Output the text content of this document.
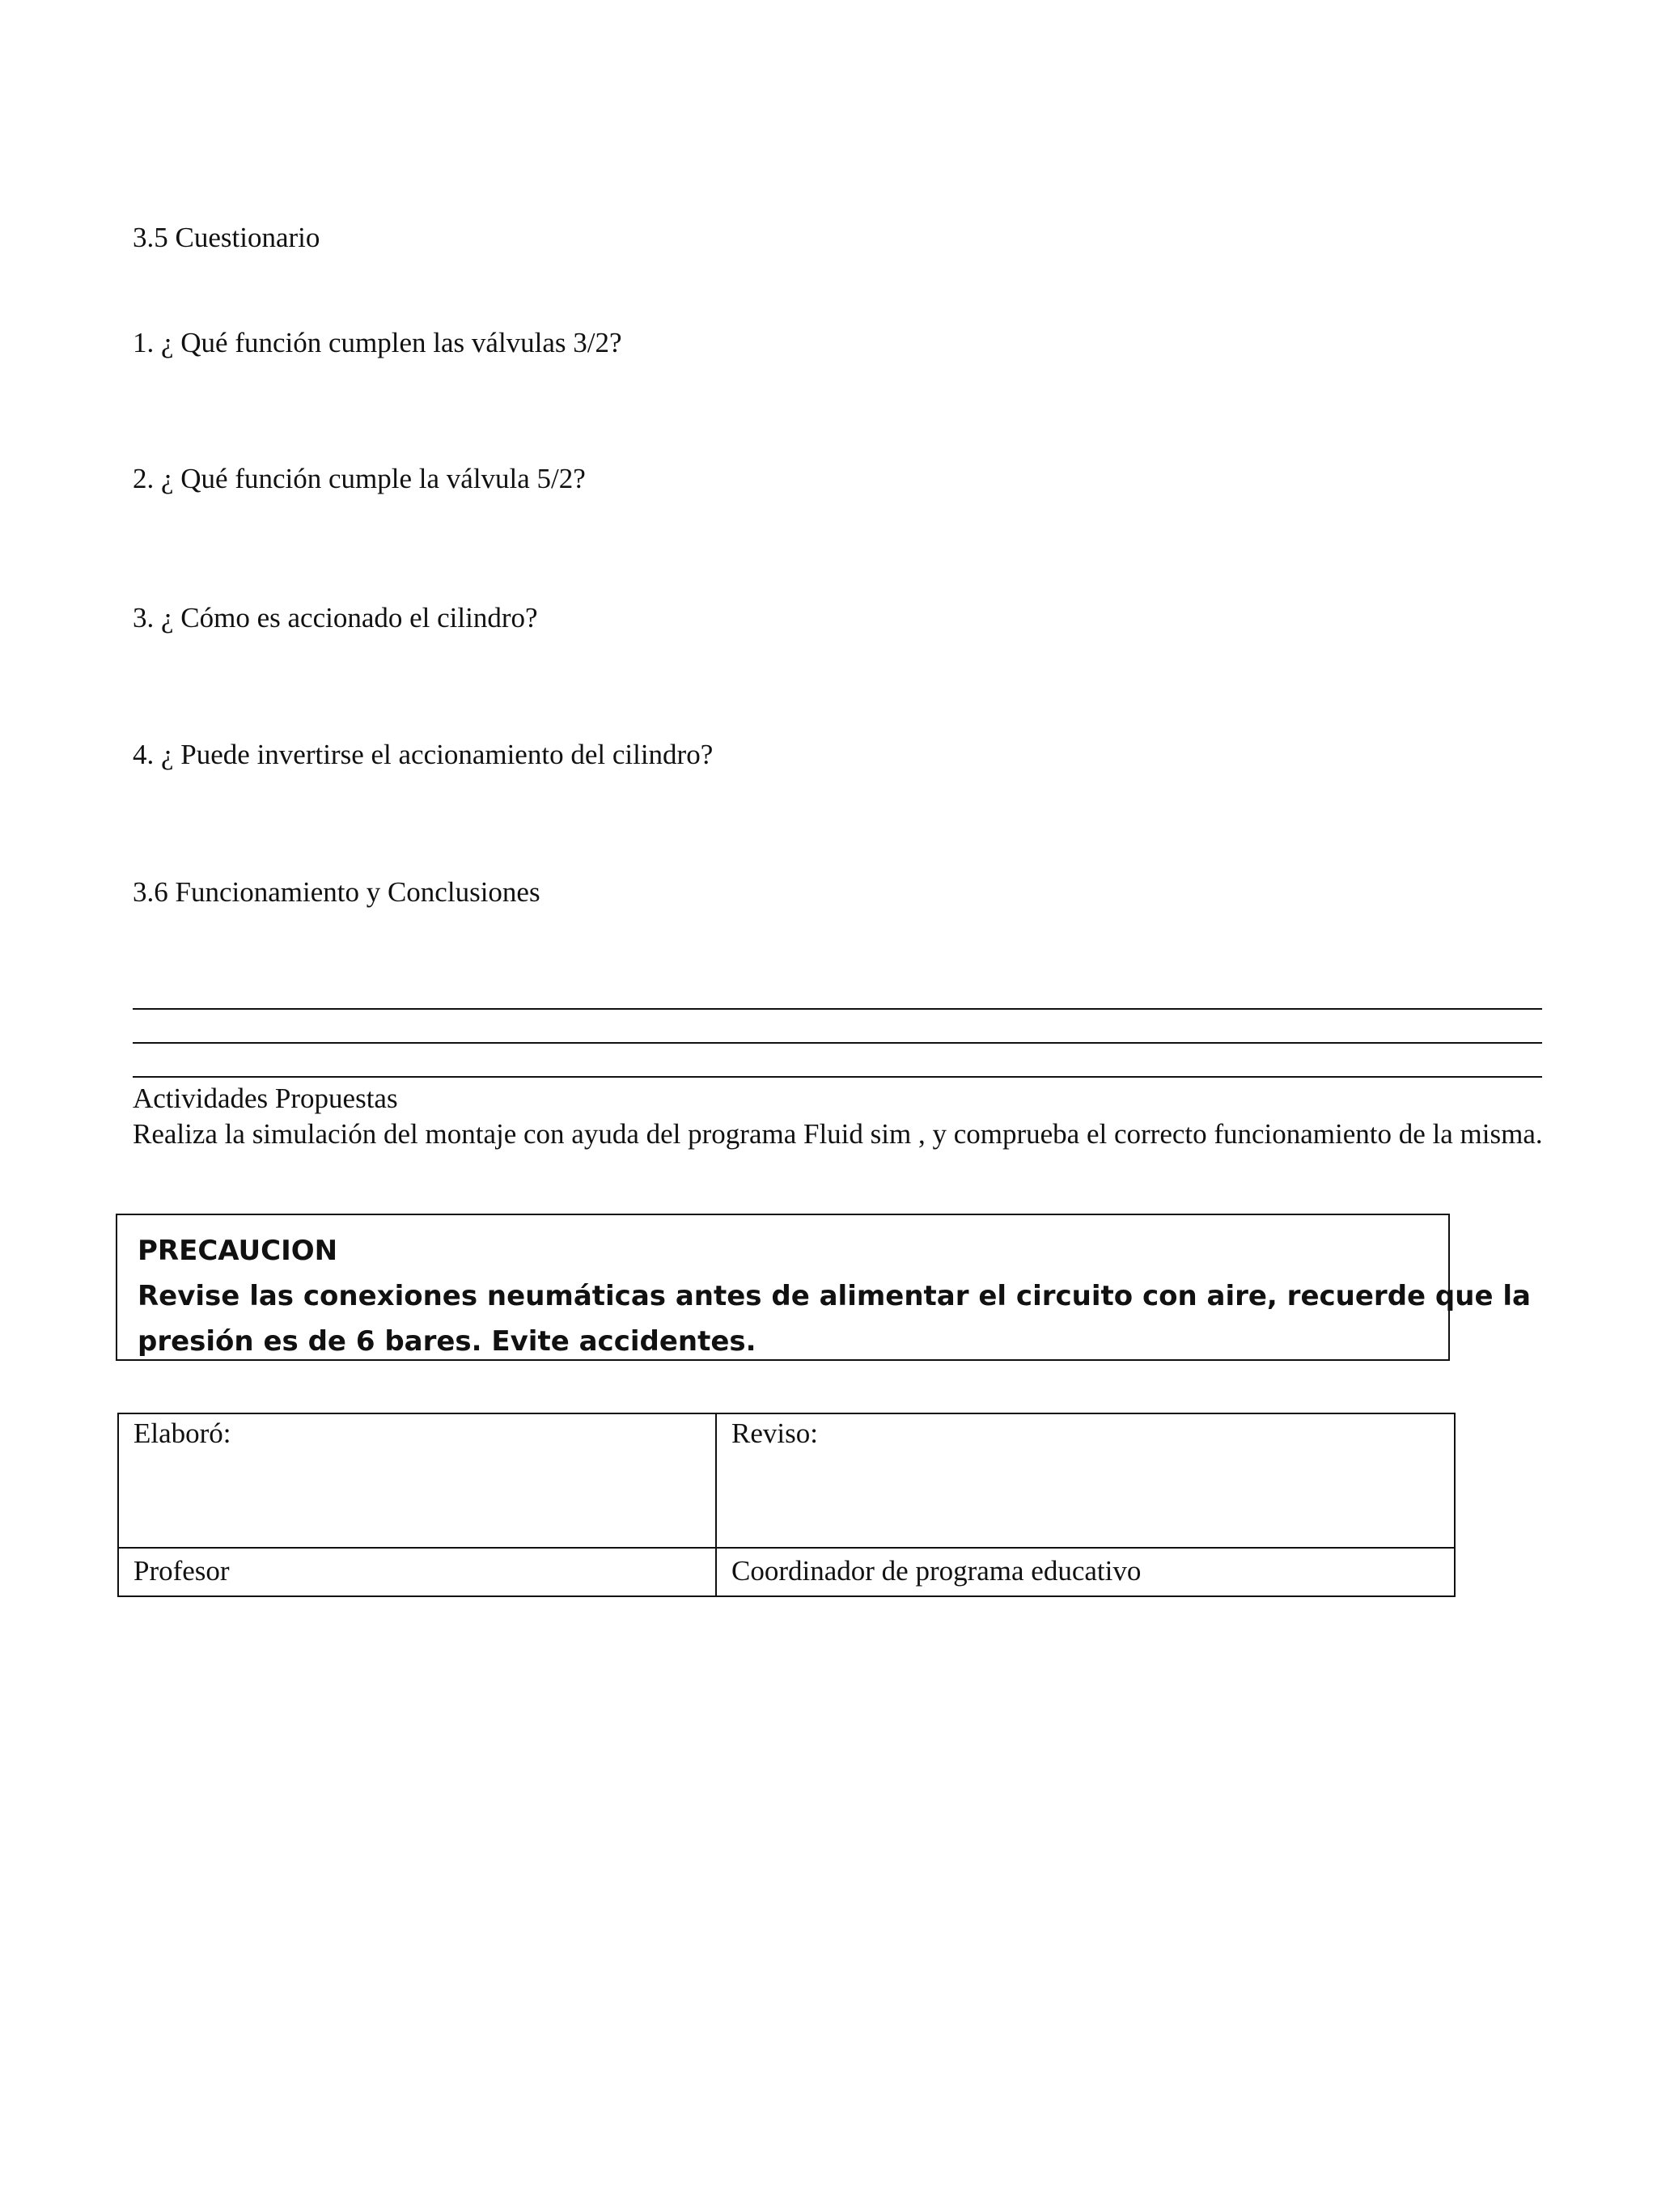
3.5 Cuestionario
1. ¿ Qué función cumplen las válvulas 3/2?
2. ¿ Qué función cumple la válvula 5/2?
3. ¿ Cómo es accionado el cilindro?
4. ¿ Puede invertirse el accionamiento del cilindro?
3.6 Funcionamiento y Conclusiones
Actividades Propuestas
Realiza la simulación del montaje con ayuda del programa Fluid sim , y comprueba el correcto funcionamiento de la misma.
PRECAUCION
Revise las conexiones neumáticas antes de alimentar el circuito con aire, recuerde que la
presión es de 6 bares. Evite accidentes.
Elaboró:	Reviso:
Profesor	Coordinador de programa educativo
